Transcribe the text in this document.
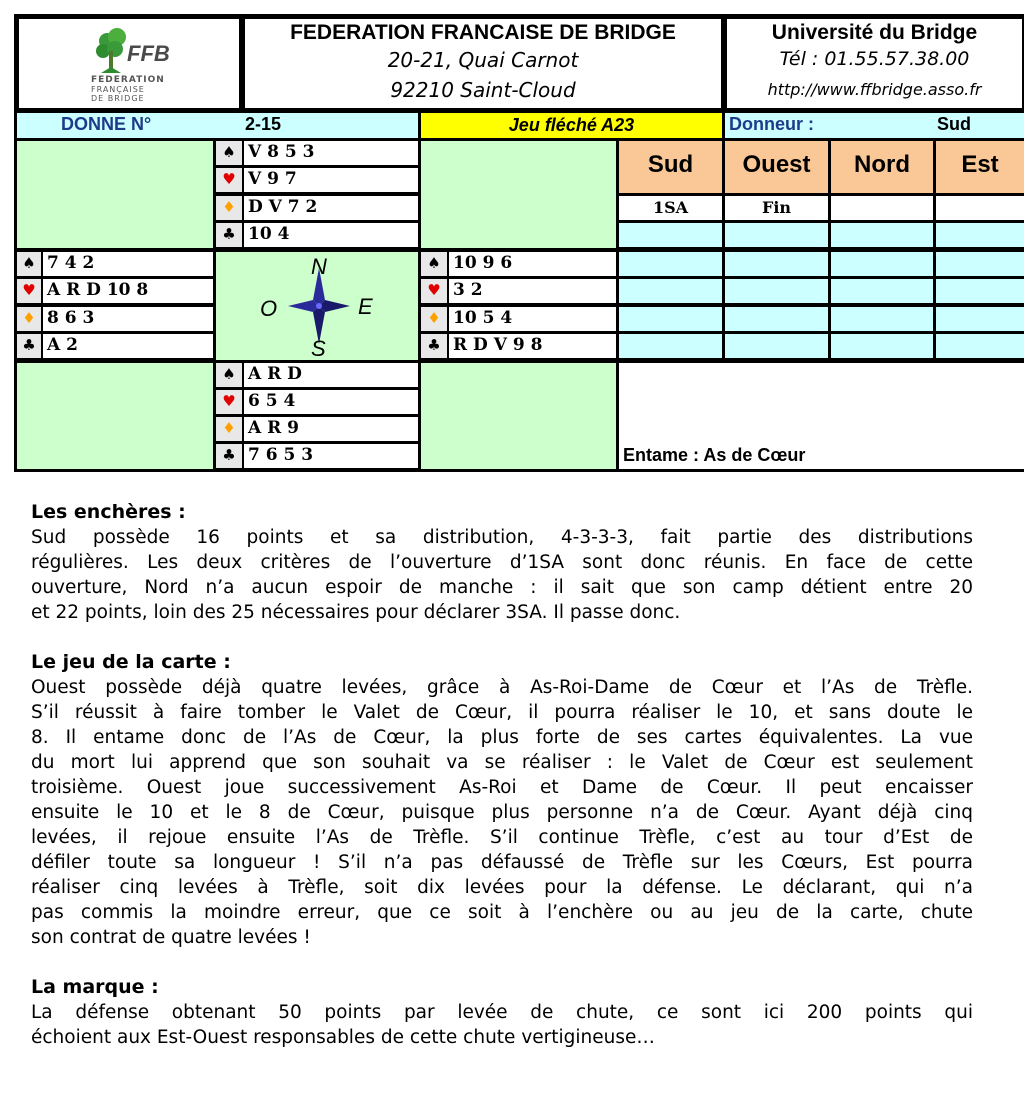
FFB
FEDERATION
FRANÇAISE
DE BRIDGE
FEDERATION FRANCAISE DE BRIDGE
20-21, Quai Carnot
92210 Saint-Cloud
Université du Bridge
Tél : 01.55.57.38.00
http://www.ffbridge.asso.fr
DONNE N°	2-15	Jeu fléché A23	Donneur :	Sud
♠ V 8 5 3
♥ V 9 7
♦ D V 7 2
♣ 10 4
♠ 7 4 2
♥ A R D 10 8
♦ 8 6 3
♣ A 2
N
S
O	E
♠ 10 9 6
♥ 3 2
♦ 10 5 4
♣ R D V 9 8
♠ A R D
♥ 6 5 4
♦ A R 9
♣ 7 6 5 3
Sud	Ouest	Nord	Est
1SA	Fin
Entame : As de Cœur
Les enchères :
Sud possède 16 points et sa distribution, 4-3-3-3, fait partie des distributions
régulières. Les deux critères de l’ouverture d’1SA sont donc réunis. En face de cette
ouverture, Nord n’a aucun espoir de manche : il sait que son camp détient entre 20
et 22 points, loin des 25 nécessaires pour déclarer 3SA. Il passe donc.
Le jeu de la carte :
Ouest possède déjà quatre levées, grâce à As-Roi-Dame de Cœur et l’As de Trèfle.
S’il réussit à faire tomber le Valet de Cœur, il pourra réaliser le 10, et sans doute le
8. Il entame donc de l’As de Cœur, la plus forte de ses cartes équivalentes. La vue
du mort lui apprend que son souhait va se réaliser : le Valet de Cœur est seulement
troisième. Ouest joue successivement As-Roi et Dame de Cœur. Il peut encaisser
ensuite le 10 et le 8 de Cœur, puisque plus personne n’a de Cœur. Ayant déjà cinq
levées, il rejoue ensuite l’As de Trèfle. S’il continue Trèfle, c’est au tour d’Est de
défiler toute sa longueur ! S’il n’a pas défaussé de Trèfle sur les Cœurs, Est pourra
réaliser cinq levées à Trèfle, soit dix levées pour la défense. Le déclarant, qui n’a
pas commis la moindre erreur, que ce soit à l’enchère ou au jeu de la carte, chute
son contrat de quatre levées !
La marque :
La défense obtenant 50 points par levée de chute, ce sont ici 200 points qui
échoient aux Est-Ouest responsables de cette chute vertigineuse…
